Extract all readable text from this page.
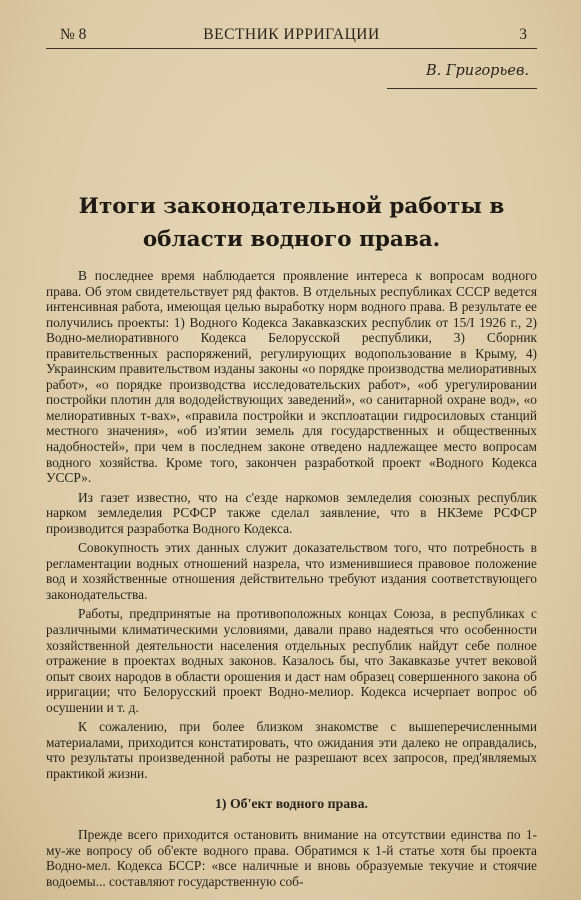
№ 8	ВЕСТНИК ИРРИГАЦИИ	3
В. Григорьев.
Итоги законодательной работы в области водного права.

В последнее время наблюдается проявление интереса к вопросам водного права. Об этом свидетельствует ряд фактов. В отдельных республиках СССР ведется интенсивная работа, имеющая целью выработку норм водного права. В результате ее получились проекты: 1) Водного Кодекса Закавказских республик от 15/I 1926 г., 2) Водно-мелиоративного Кодекса Белорусской республики, 3) Сборник правительственных распоряжений, регулирующих водопользование в Крыму, 4) Украинским правительством изданы законы «о порядке производства мелиоративных работ», «о порядке производства исследовательских работ», «об урегулировании постройки плотин для вододействующих заведений», «о санитарной охране вод», «о мелиоративных т-вах», «правила постройки и эксплоатации гидросиловых станций местного значения», «об из'ятии земель для государственных и общественных надобностей», при чем в последнем законе отведено надлежащее место вопросам водного хозяйства. Кроме того, закончен разработкой проект «Водного Кодекса УССР».

Из газет известно, что на с'езде наркомов земледелия союзных республик нарком земледелия РСФСР также сделал заявление, что в НКЗеме РСФСР производится разработка Водного Кодекса.

Совокупность этих данных служит доказательством того, что потребность в регламентации водных отношений назрела, что изменившиеся правовое положение вод и хозяйственные отношения действительно требуют издания соответствующего законодательства.

Работы, предпринятые на противоположных концах Союза, в республиках с различными климатическими условиями, давали право надеяться что особенности хозяйственной деятельности населения отдельных республик найдут себе полное отражение в проектах водных законов. Казалось бы, что Закавказье учтет вековой опыт своих народов в области орошения и даст нам образец совершенного закона об ирригации; что Белорусский проект Водно-мелиор. Кодекса исчерпает вопрос об осушении и т. д.

К сожалению, при более близком знакомстве с вышеперечисленными материалами, приходится констатировать, что ожидания эти далеко не оправдались, что результаты произведенной работы не разрешают всех запросов, пред'являемых практикой жизни.

1) Об'ект водного права.

Прежде всего приходится остановить внимание на отсутствии единства по 1-му-же вопросу об об'екте водного права. Обратимся к 1-й статье хотя бы проекта Водно-мел. Кодекса БССР: «все наличные и вновь образуемые текучие и стоячие водоемы... составляют государственную соб-
